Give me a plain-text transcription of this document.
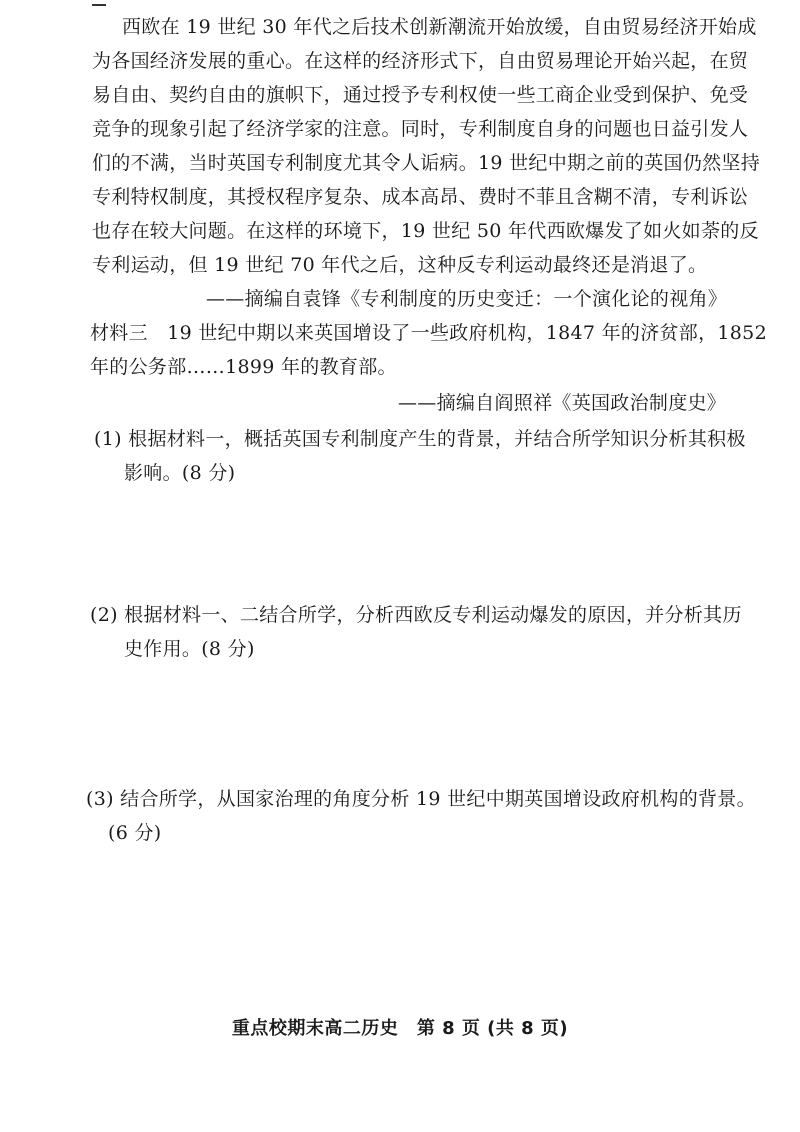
西欧在 19 世纪 30 年代之后技术创新潮流开始放缓，自由贸易经济开始成
为各国经济发展的重心。在这样的经济形式下，自由贸易理论开始兴起，在贸
易自由、契约自由的旗帜下，通过授予专利权使一些工商企业受到保护、免受
竞争的现象引起了经济学家的注意。同时，专利制度自身的问题也日益引发人
们的不满，当时英国专利制度尤其令人诟病。19 世纪中期之前的英国仍然坚持
专利特权制度，其授权程序复杂、成本高昂、费时不菲且含糊不清，专利诉讼
也存在较大问题。在这样的环境下，19 世纪 50 年代西欧爆发了如火如荼的反
专利运动，但 19 世纪 70 年代之后，这种反专利运动最终还是消退了。
——摘编自袁锋《专利制度的历史变迁：一个演化论的视角》
材料三　19 世纪中期以来英国增设了一些政府机构，1847 年的济贫部，1852
年的公务部……1899 年的教育部。
——摘编自阎照祥《英国政治制度史》
(1) 根据材料一，概括英国专利制度产生的背景，并结合所学知识分析其积极
影响。(8 分)
(2) 根据材料一、二结合所学，分析西欧反专利运动爆发的原因，并分析其历
史作用。(8 分)
(3) 结合所学，从国家治理的角度分析 19 世纪中期英国增设政府机构的背景。
(6 分)
重点校期末高二历史　第 8 页 (共 8 页)
